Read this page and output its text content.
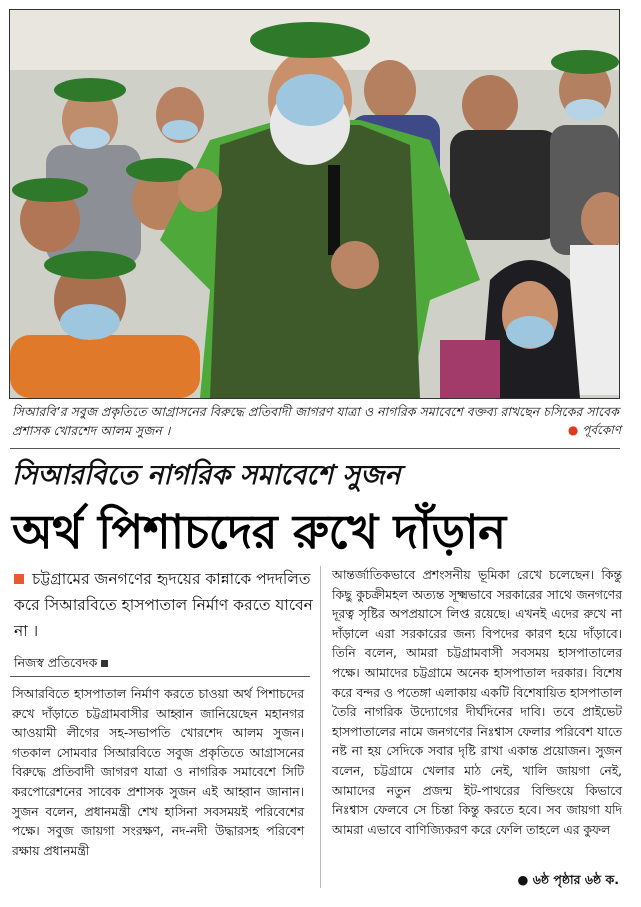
সিআরবি’র সবুজ প্রকৃতিতে আগ্রাসনের বিরুদ্ধে প্রতিবাদী জাগরণ যাত্রা ও নাগরিক সমাবেশে বক্তব্য রাখছেন চসিকের সাবেক প্রশাসক খোরশেদ আলম সুজন ।	● পূর্বকোণ
সিআরবিতে নাগরিক সমাবেশে সুজন
অর্থ পিশাচদের রুখে দাঁড়ান
চট্টগ্রামের জনগণের হৃদয়ের কান্নাকে পদদলিত করে সিআরবিতে হাসপাতাল নির্মাণ করতে যাবেন না ।
নিজস্ব প্রতিবেদক
সিআরবিতে হাসপাতাল নির্মাণ করতে চাওয়া অর্থ পিশাচদের রুখে দাঁড়াতে চট্টগ্রামবাসীর আহ্বান জানিয়েছেন মহানগর আওয়ামী লীগের সহ-সভাপতি খোরশেদ আলম সুজন। গতকাল সোমবার সিআরবিতে সবুজ প্রকৃতিতে আগ্রাসনের বিরুদ্ধে প্রতিবাদী জাগরণ যাত্রা ও নাগরিক সমাবেশে সিটি করপোরেশনের সাবেক প্রশাসক সুজন এই আহ্বান জানান। সুজন বলেন, প্রধানমন্ত্রী শেখ হাসিনা সবসময়ই পরিবেশের পক্ষে। সবুজ জায়গা সংরক্ষণ, নদ-নদী উদ্ধারসহ পরিবেশ রক্ষায় প্রধানমন্ত্রী
আন্তর্জাতিকভাবে প্রশংসনীয় ভূমিকা রেখে চলেছেন। কিন্তু কিছু কুচক্রীমহল অত্যন্ত সূক্ষ্মভাবে সরকারের সাথে জনগণের দূরত্ব সৃষ্টির অপপ্রয়াসে লিপ্ত রয়েছে। এখনই এদের রুখে না দাঁড়ালে এরা সরকারের জন্য বিপদের কারণ হয়ে দাঁড়াবে। তিনি বলেন, আমরা চট্টগ্রামবাসী সবসময় হাসপাতালের পক্ষে। আমাদের চট্টগ্রামে অনেক হাসপাতাল দরকার। বিশেষ করে বন্দর ও পতেঙ্গা এলাকায় একটি বিশেষায়িত হাসপাতাল তৈরি নাগরিক উদ্যোগের দীর্ঘদিনের দাবি। তবে প্রাইভেট হাসপাতালের নামে জনগণের নিঃশ্বাস ফেলার পরিবেশ যাতে নষ্ট না হয় সেদিকে সবার দৃষ্টি রাখা একান্ত প্রয়োজন। সুজন বলেন, চট্টগ্রামে খেলার মাঠ নেই, খালি জায়গা নেই, আমাদের নতুন প্রজন্ম ইট-পাথরের বিল্ডিংয়ে কিভাবে নিঃশ্বাস ফেলবে সে চিন্তা কিন্তু করতে হবে। সব জায়গা যদি আমরা এভাবে বাণিজ্যিকরণ করে ফেলি তাহলে এর কুফল
● ৬ষ্ঠ পৃষ্ঠার ৬ষ্ঠ ক.
